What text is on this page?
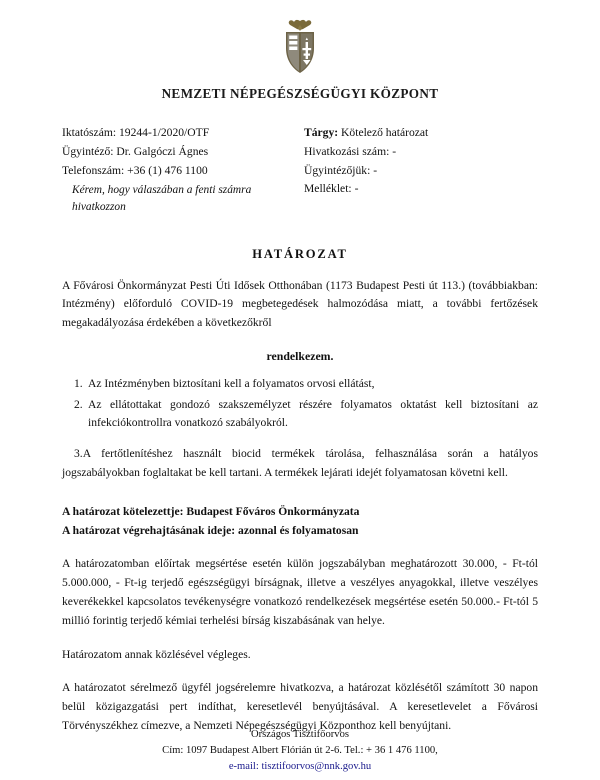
NEMZETI NÉPEGÉSZSÉGÜGYI KÖZPONT
Iktatószám: 19244-1/2020/OTF
Ügyintéző: Dr. Galgóczi Ágnes
Telefonszám: +36 (1) 476 1100
Kérem, hogy válaszában a fenti számra hivatkozzon
Tárgy: Kötelező határozat
Hivatkozási szám: -
Ügyintézőjük: -
Melléklet: -
HATÁROZAT

A Fővárosi Önkormányzat Pesti Úti Idősek Otthonában (1173 Budapest Pesti út 113.) (továbbiakban: Intézmény) előforduló COVID-19 megbetegedések halmozódása miatt, a további fertőzések megakadályozása érdekében a következőkről

rendelkezem.
1. Az Intézményben biztosítani kell a folyamatos orvosi ellátást,
2. Az ellátottakat gondozó szakszemélyzet részére folyamatos oktatást kell biztosítani az infekciókontrollra vonatkozó szabályokról.

3.A fertőtlenítéshez használt biocid termékek tárolása, felhasználása során a hatályos jogszabályokban foglaltakat be kell tartani. A termékek lejárati idejét folyamatosan követni kell.

A határozat kötelezettje: Budapest Főváros Önkormányzata
A határozat végrehajtásának ideje: azonnal és folyamatosan

A határozatomban előírtak megsértése esetén külön jogszabályban meghatározott 30.000, - Ft-tól 5.000.000, - Ft-ig terjedő egészségügyi bírságnak, illetve a veszélyes anyagokkal, illetve veszélyes keverékekkel kapcsolatos tevékenységre vonatkozó rendelkezések megsértése esetén 50.000.- Ft-tól 5 millió forintig terjedő kémiai terhelési bírság kiszabásának van helye.

Határozatom annak közlésével végleges.

A határozatot sérelmező ügyfél jogsérelemre hivatkozva, a határozat közlésétől számított 30 napon belül közigazgatási pert indíthat, keresetlevél benyújtásával. A keresetlevelet a Fővárosi Törvényszékhez címezve, a Nemzeti Népegészségügyi Központhoz kell benyújtani.

Országos Tisztifőorvos
Cím: 1097 Budapest Albert Flórián út 2-6. Tel.: + 36 1 476 1100,
e-mail: tisztifoorvos@nnk.gov.hu
